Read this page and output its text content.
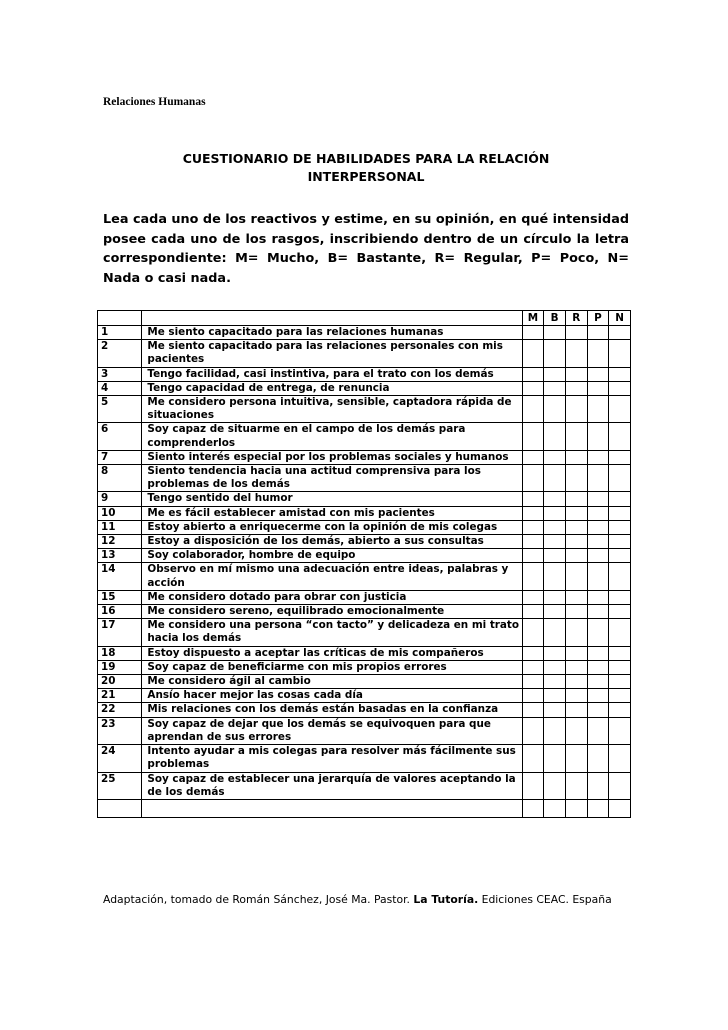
Relaciones Humanas
CUESTIONARIO DE HABILIDADES PARA LA RELACIÓN
INTERPERSONAL
Lea cada uno de los reactivos y estime, en su opinión, en qué intensidad posee cada uno de los rasgos, inscribiendo dentro de un círculo la letra correspondiente: M= Mucho, B= Bastante, R= Regular, P= Poco, N= Nada o casi nada.
		M	B	R	P	N
1	Me siento capacitado para las relaciones humanas					
2	Me siento capacitado para las relaciones personales con mis pacientes					
3	Tengo facilidad, casi instintiva, para el trato con los demás					
4	Tengo capacidad de entrega, de renuncia					
5	Me considero persona intuitiva, sensible, captadora rápida de situaciones					
6	Soy capaz de situarme en el campo de los demás para comprenderlos					
7	Siento interés especial por los problemas sociales y humanos					
8	Siento tendencia hacia una actitud comprensiva para los problemas de los demás					
9	Tengo sentido del humor					
10	Me es fácil establecer amistad con mis pacientes					
11	Estoy abierto a enriquecerme con la opinión de mis colegas					
12	Estoy a disposición de los demás, abierto a sus consultas					
13	Soy colaborador, hombre de equipo					
14	Observo en mí mismo una adecuación entre ideas, palabras y acción					
15	Me considero dotado para obrar con justicia					
16	Me considero sereno, equilibrado emocionalmente					
17	Me considero una persona “con tacto” y delicadeza en mi trato hacia los demás					
18	Estoy dispuesto a aceptar las críticas de mis compañeros					
19	Soy capaz de beneficiarme con mis propios errores					
20	Me considero ágil al cambio					
21	Ansío hacer mejor las cosas cada día					
22	Mis relaciones con los demás están basadas en la confianza					
23	Soy capaz de dejar que los demás se equivoquen para que aprendan de sus errores					
24	Intento ayudar a mis colegas para resolver más fácilmente sus problemas					
25	Soy capaz de establecer una jerarquía de valores aceptando la de los demás					

Adaptación, tomado de Román Sánchez, José Ma. Pastor. La Tutoría. Ediciones CEAC. España
